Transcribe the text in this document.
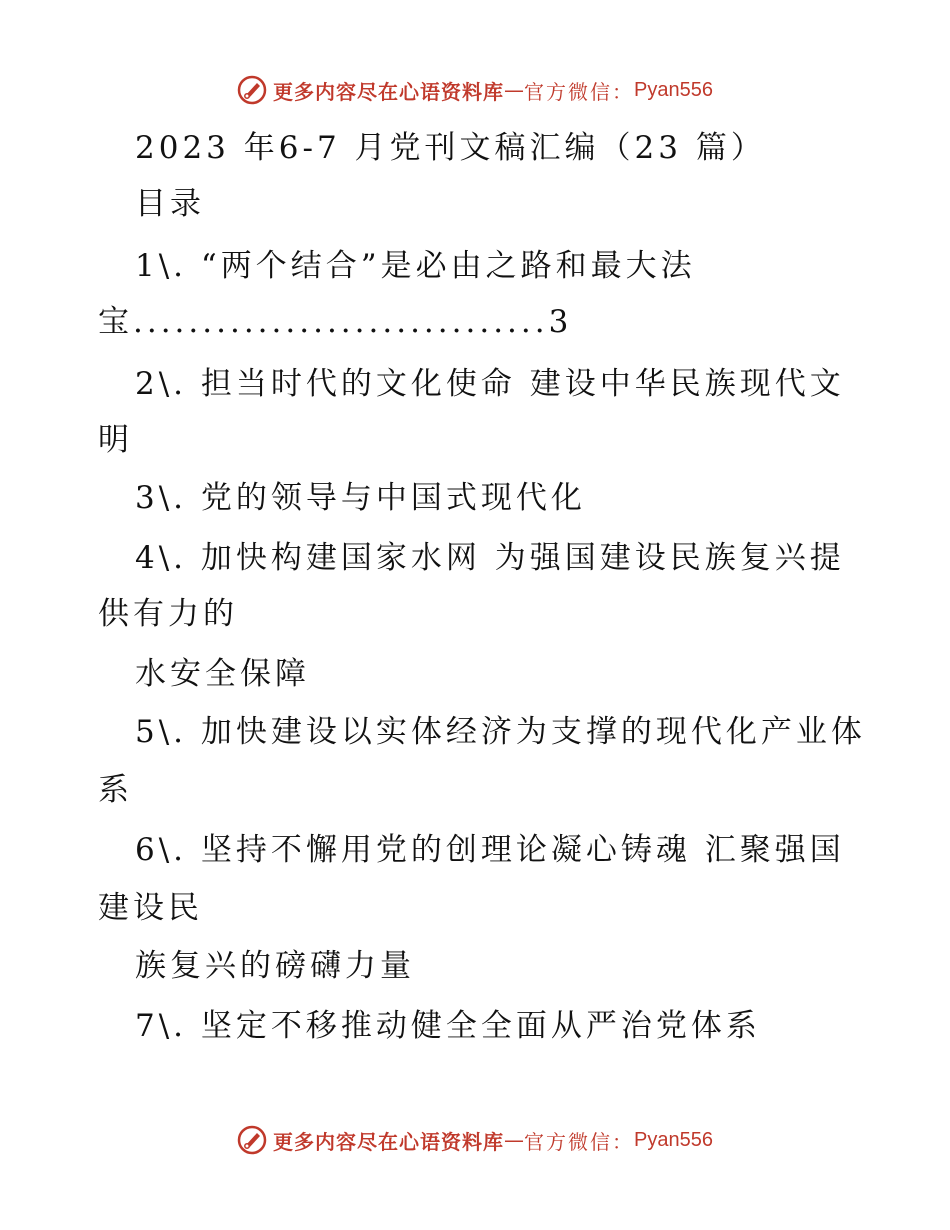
更多内容尽在心语资料库 — 官方微信： Pyan556
2023 年6-7 月党刊文稿汇编（23 篇）
目录
1\. “两个结合”是必由之路和最大法
宝..............................3
2\. 担当时代的文化使命 建设中华民族现代文
明
3\. 党的领导与中国式现代化
4\. 加快构建国家水网 为强国建设民族复兴提
供有力的
水安全保障
5\. 加快建设以实体经济为支撑的现代化产业体
系
6\. 坚持不懈用党的创理论凝心铸魂 汇聚强国
建设民
族复兴的磅礴力量
7\. 坚定不移推动健全全面从严治党体系
更多内容尽在心语资料库 — 官方微信： Pyan556
